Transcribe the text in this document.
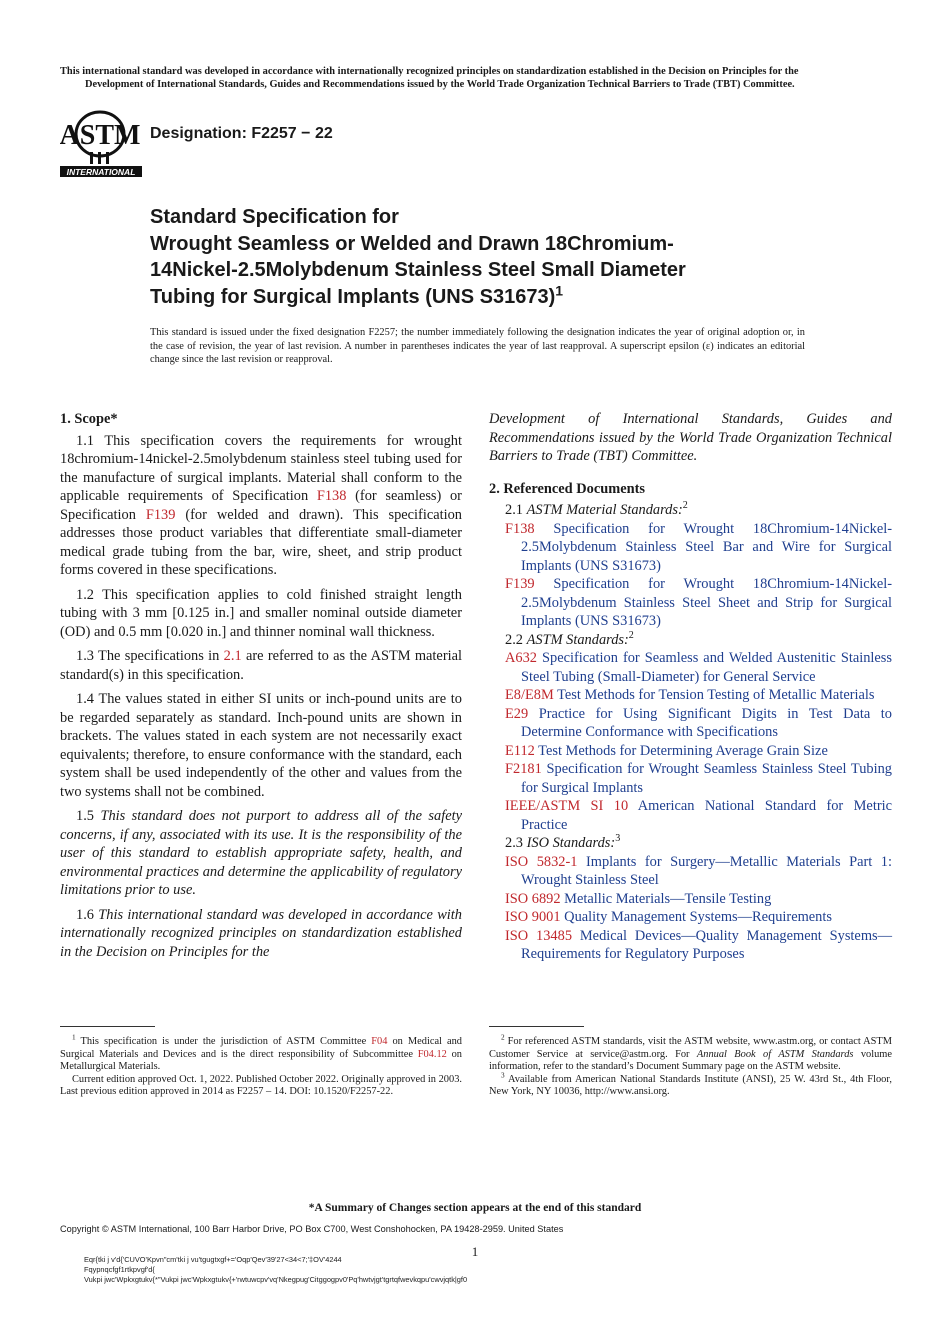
This international standard was developed in accordance with internationally recognized principles on standardization established in the Decision on Principles for the
Development of International Standards, Guides and Recommendations issued by the World Trade Organization Technical Barriers to Trade (TBT) Committee.
ASTM
INTERNATIONAL
Designation: F2257 − 22
Standard Specification for
Wrought Seamless or Welded and Drawn 18Chromium-
14Nickel-2.5Molybdenum Stainless Steel Small Diameter
Tubing for Surgical Implants (UNS S31673)$^1$
This standard is issued under the fixed designation F2257; the number immediately following the designation indicates the year of original adoption or, in the case of revision, the year of last revision. A number in parentheses indicates the year of last reapproval. A superscript epsilon (ε) indicates an editorial change since the last revision or reapproval.
1. Scope*

1.1 This specification covers the requirements for wrought 18chromium-14nickel-2.5molybdenum stainless steel tubing used for the manufacture of surgical implants. Material shall conform to the applicable requirements of Specification F138 (for seamless) or Specification F139 (for welded and drawn). This specification addresses those product variables that differentiate small-diameter medical grade tubing from the bar, wire, sheet, and strip product forms covered in these specifications.

1.2 This specification applies to cold finished straight length tubing with 3 mm [0.125 in.] and smaller nominal outside diameter (OD) and 0.5 mm [0.020 in.] and thinner nominal wall thickness.

1.3 The specifications in 2.1 are referred to as the ASTM material standard(s) in this specification.

1.4 The values stated in either SI units or inch-pound units are to be regarded separately as standard. Inch-pound units are shown in brackets. The values stated in each system are not necessarily exact equivalents; therefore, to ensure conformance with the standard, each system shall be used independently of the other and values from the two systems shall not be combined.

1.5 This standard does not purport to address all of the safety concerns, if any, associated with its use. It is the responsibility of the user of this standard to establish appropriate safety, health, and environmental practices and determine the applicability of regulatory limitations prior to use.

1.6 This international standard was developed in accordance with internationally recognized principles on standardization established in the Decision on Principles for the

Development of International Standards, Guides and Recommendations issued by the World Trade Organization Technical Barriers to Trade (TBT) Committee.

2. Referenced Documents

2.1 ASTM Material Standards:$^2$

F138 Specification for Wrought 18Chromium-14Nickel-2.5Molybdenum Stainless Steel Bar and Wire for Surgical Implants (UNS S31673)

F139 Specification for Wrought 18Chromium-14Nickel-2.5Molybdenum Stainless Steel Sheet and Strip for Surgical Implants (UNS S31673)

2.2 ASTM Standards:$^2$

A632 Specification for Seamless and Welded Austenitic Stainless Steel Tubing (Small-Diameter) for General Service

E8/E8M Test Methods for Tension Testing of Metallic Materials

E29 Practice for Using Significant Digits in Test Data to Determine Conformance with Specifications

E112 Test Methods for Determining Average Grain Size

F2181 Specification for Wrought Seamless Stainless Steel Tubing for Surgical Implants

IEEE/ASTM SI 10 American National Standard for Metric Practice

2.3 ISO Standards:$^3$

ISO 5832-1 Implants for Surgery—Metallic Materials Part 1: Wrought Stainless Steel

ISO 6892 Metallic Materials—Tensile Testing

ISO 9001 Quality Management Systems—Requirements

ISO 13485 Medical Devices—Quality Management Systems—Requirements for Regulatory Purposes

$^1$ This specification is under the jurisdiction of ASTM Committee F04 on Medical and Surgical Materials and Devices and is the direct responsibility of Subcommittee F04.12 on Metallurgical Materials.

Current edition approved Oct. 1, 2022. Published October 2022. Originally approved in 2003. Last previous edition approved in 2014 as F2257 – 14. DOI: 10.1520/F2257-22.

$^2$ For referenced ASTM standards, visit the ASTM website, www.astm.org, or contact ASTM Customer Service at service@astm.org. For Annual Book of ASTM Standards volume information, refer to the standard’s Document Summary page on the ASTM website.

$^3$ Available from American National Standards Institute (ANSI), 25 W. 43rd St., 4th Floor, New York, NY 10036, http://www.ansi.org.

*A Summary of Changes section appears at the end of this standard
Copyright © ASTM International, 100 Barr Harbor Drive, PO Box C700, West Conshohocken, PA 19428-2959. United States
1
Eqr{tki j v'd{'CUVO'Kpvn"cm'tki j vu'tgugtxgf+='Oqp'Qev'39'27<34<7;'‡OV'4244
Fqypnqcfgf1rtkpvgf'd{
Vukpi jwc'Wpkxgtukv{*"Vukpi jwc'Wpkxgtukv{+'rwtuwcpv'vq'Nkegpug'Citggogpv0'Pq'hwtvjgt'tgrtqfwevkqpu'cwvjqtk|gf0
